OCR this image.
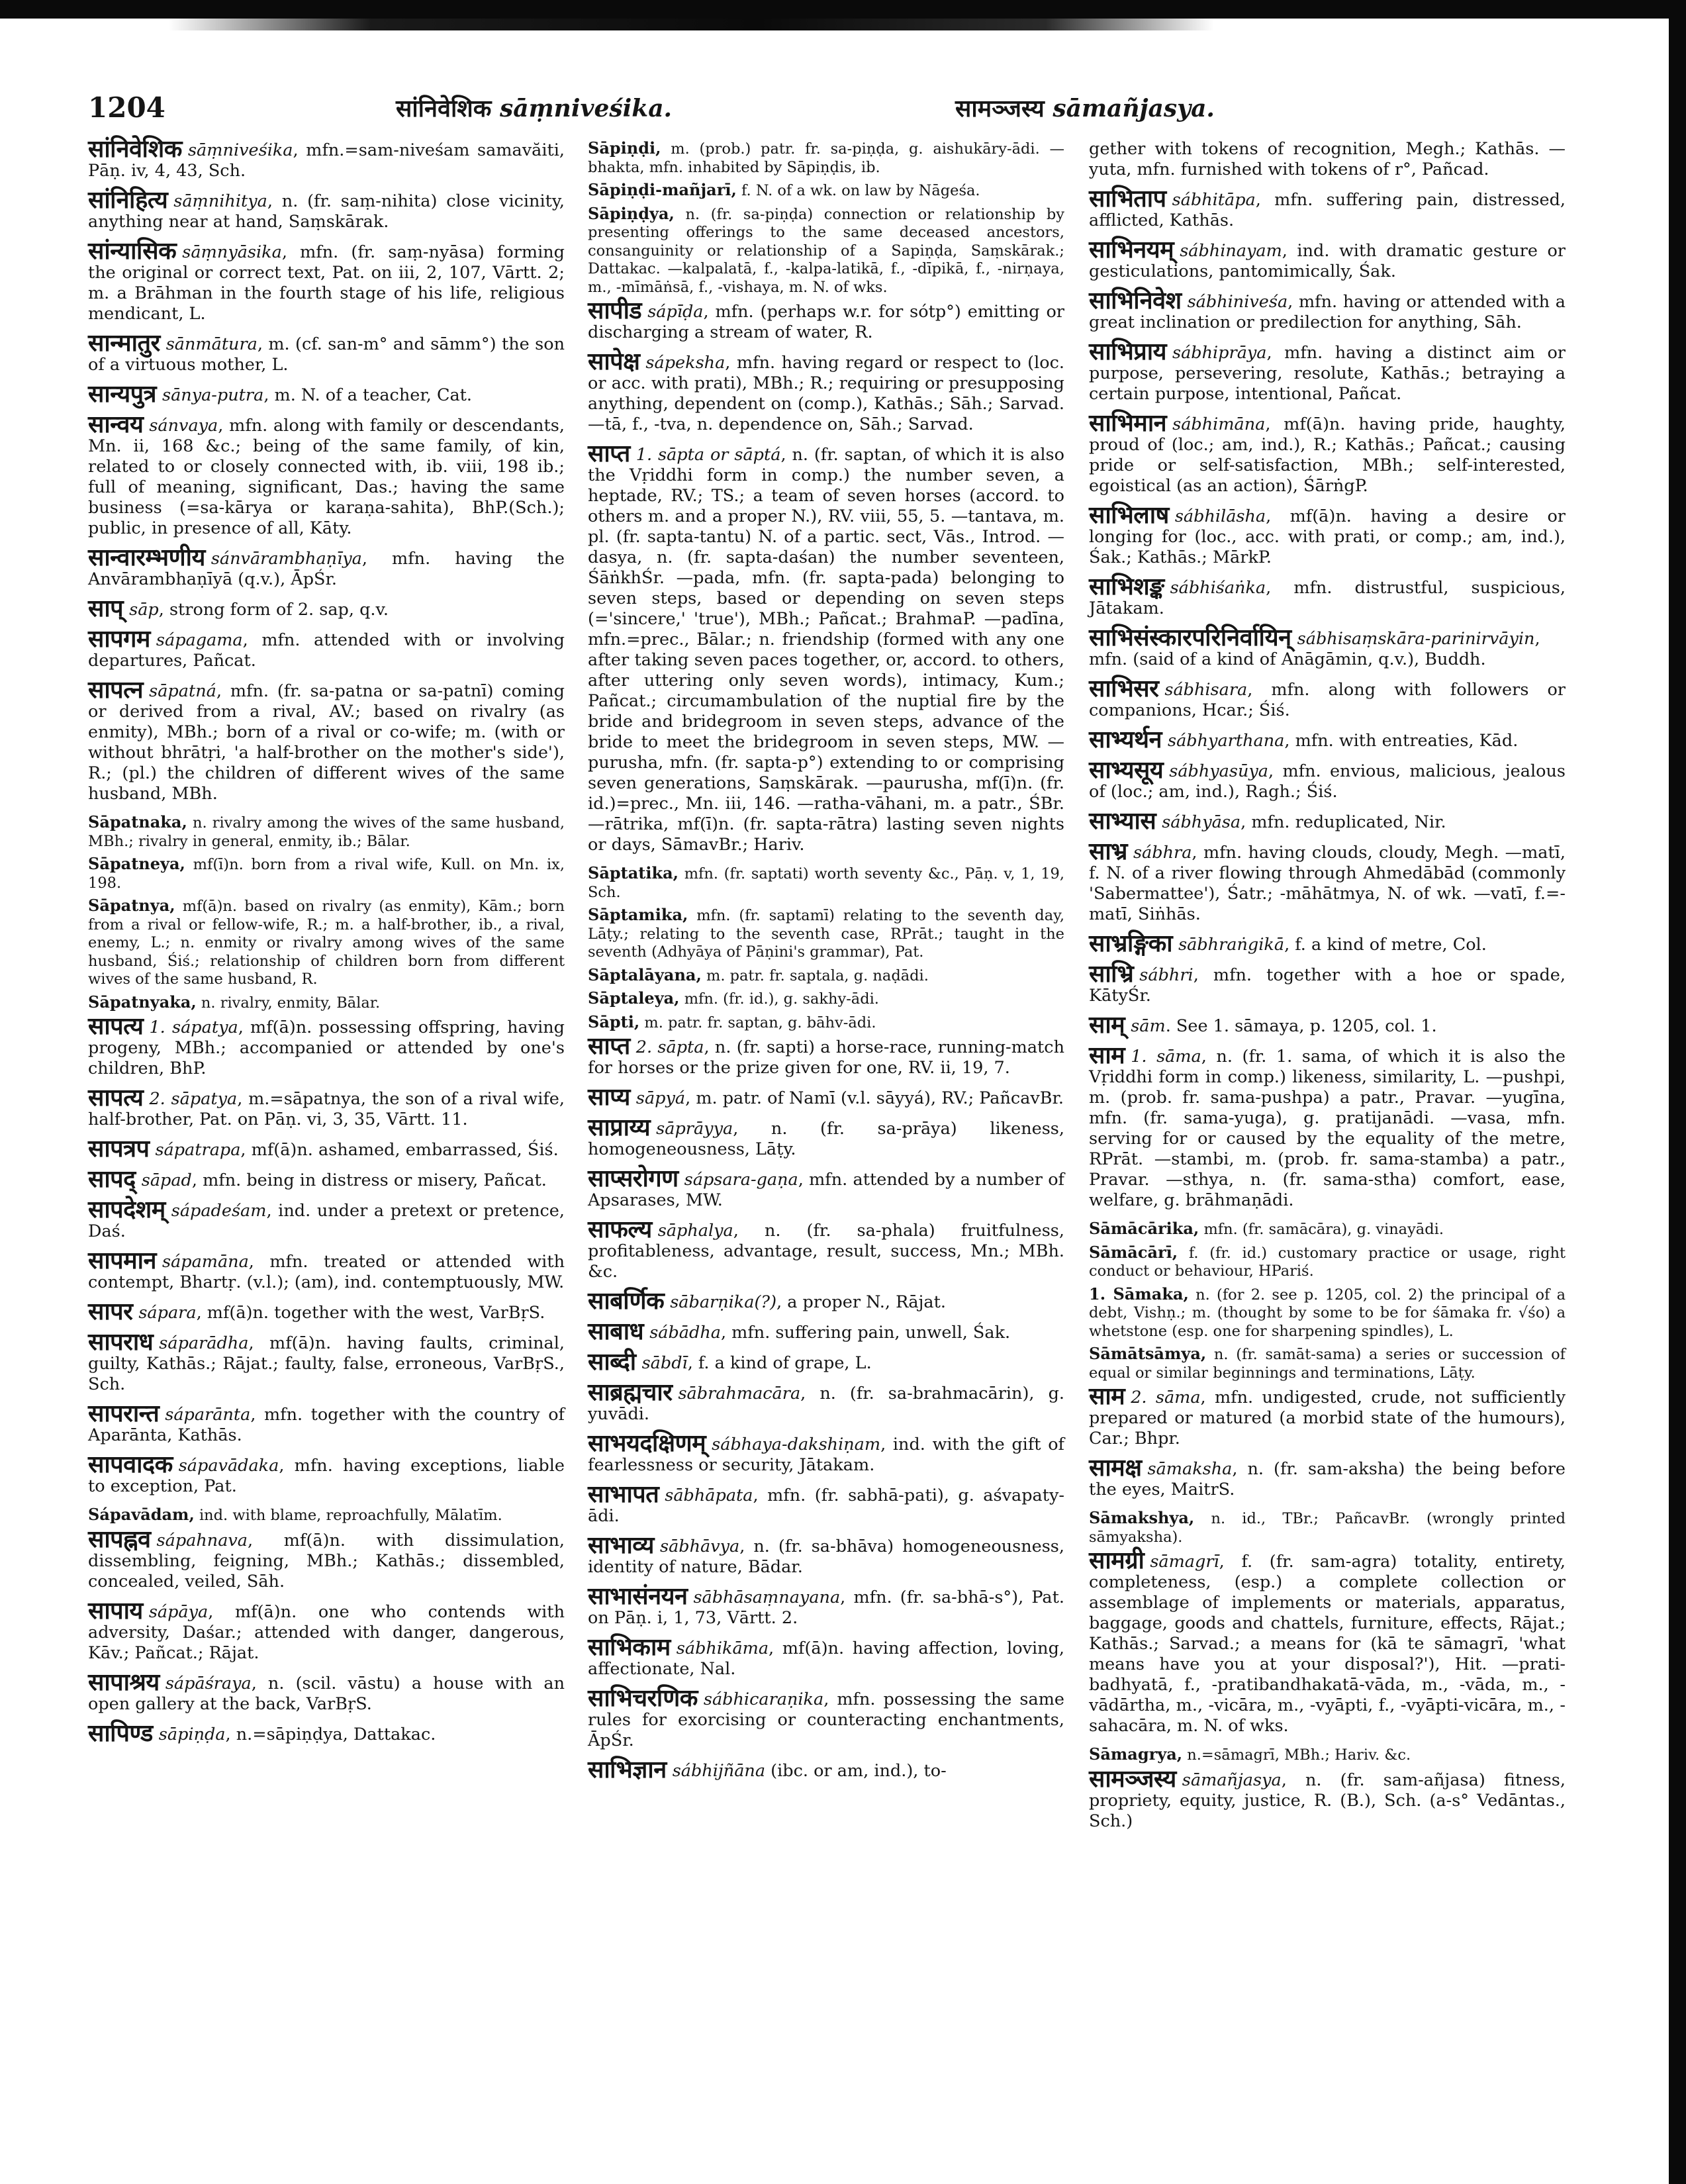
1204	सांनिवेशिक sāṃniveśika.	सामञ्जस्य sāmañjasya.

सांनिवेशिक sāṃniveśika, mfn.=sam-niveśam samavăiti, Pāṇ. iv, 4, 43, Sch.

सांनिहित्य sāṃnihitya, n. (fr. saṃ-nihita) close vicinity, anything near at hand, Saṃskārak.

सांन्यासिक sāṃnyāsika, mfn. (fr. saṃ-nyāsa) forming the original or correct text, Pat. on iii, 2, 107, Vārtt. 2; m. a Brāhman in the fourth stage of his life, religious mendicant, L.

सान्मातुर sānmātura, m. (cf. san-m° and sāmm°) the son of a virtuous mother, L.

सान्यपुत्र sānya-putra, m. N. of a teacher, Cat.

सान्वय sánvaya, mfn. along with family or descendants, Mn. ii, 168 &c.; being of the same family, of kin, related to or closely connected with, ib. viii, 198 ib.; full of meaning, significant, Das.; having the same business (=sa-kārya or karaṇa-sahita), BhP.(Sch.); public, in presence of all, Kāty.

सान्वारम्भणीय sánvārambhaṇīya, mfn. having the Anvārambhaṇīyā (q.v.), ĀpŚr.

साप् sāp, strong form of 2. sap, q.v.

सापगम sápagama, mfn. attended with or involving departures, Pañcat.

सापत्न sāpatná, mfn. (fr. sa-patna or sa-patnī) coming or derived from a rival, AV.; based on rivalry (as enmity), MBh.; born of a rival or co-wife; m. (with or without bhrātṛi, 'a half-brother on the mother's side'), R.; (pl.) the children of different wives of the same husband, MBh.

Sāpatnaka, n. rivalry among the wives of the same husband, MBh.; rivalry in general, enmity, ib.; Bālar.

Sāpatneya, mf(ī)n. born from a rival wife, Kull. on Mn. ix, 198.

Sāpatnya, mf(ā)n. based on rivalry (as enmity), Kām.; born from a rival or fellow-wife, R.; m. a half-brother, ib., a rival, enemy, L.; n. enmity or rivalry among wives of the same husband, Śiś.; relationship of children born from different wives of the same husband, R.

Sāpatnyaka, n. rivalry, enmity, Bālar.

सापत्य 1. sápatya, mf(ā)n. possessing offspring, having progeny, MBh.; accompanied or attended by one's children, BhP.

सापत्य 2. sāpatya, m.=sāpatnya, the son of a rival wife, half-brother, Pat. on Pāṇ. vi, 3, 35, Vārtt. 11.

सापत्रप sápatrapa, mf(ā)n. ashamed, embarrassed, Śiś.

सापद् sāpad, mfn. being in distress or misery, Pañcat.

सापदेशम् sápadeśam, ind. under a pretext or pretence, Daś.

सापमान sápamāna, mfn. treated or attended with contempt, Bhartṛ. (v.l.); (am), ind. contemptuously, MW.

सापर sápara, mf(ā)n. together with the west, VarBṛS.

सापराध sáparādha, mf(ā)n. having faults, criminal, guilty, Kathās.; Rājat.; faulty, false, erroneous, VarBṛS., Sch.

सापरान्त sáparānta, mfn. together with the country of Aparānta, Kathās.

सापवादक sápavādaka, mfn. having exceptions, liable to exception, Pat.

Sápavādam, ind. with blame, reproachfully, Mālatīm.

सापह्नव sápahnava, mf(ā)n. with dissimulation, dissembling, feigning, MBh.; Kathās.; dissembled, concealed, veiled, Sāh.

सापाय sápāya, mf(ā)n. one who contends with adversity, Daśar.; attended with danger, dangerous, Kāv.; Pañcat.; Rājat.

सापाश्रय sápāśraya, n. (scil. vāstu) a house with an open gallery at the back, VarBṛS.

सापिण्ड sāpiṇḍa, n.=sāpiṇḍya, Dattakac.

Sāpiṇḍi, m. (prob.) patr. fr. sa-piṇḍa, g. aishukāry-ādi. —bhakta, mfn. inhabited by Sāpiṇḍis, ib.

Sāpiṇḍi-mañjarī, f. N. of a wk. on law by Nāgeśa.

Sāpiṇḍya, n. (fr. sa-piṇḍa) connection or relationship by presenting offerings to the same deceased ancestors, consanguinity or relationship of a Sapiṇḍa, Saṃskārak.; Dattakac. —kalpalatā, f., -kalpa-latikā, f., -dīpikā, f., -nirṇaya, m., -mīmāṅsā, f., -vishaya, m. N. of wks.

सापीड sápīḍa, mfn. (perhaps w.r. for sótp°) emitting or discharging a stream of water, R.

सापेक्ष sápeksha, mfn. having regard or respect to (loc. or acc. with prati), MBh.; R.; requiring or presupposing anything, dependent on (comp.), Kathās.; Sāh.; Sarvad. —tā, f., -tva, n. dependence on, Sāh.; Sarvad.

साप्त 1. sāpta or sāptá, n. (fr. saptan, of which it is also the Vṛiddhi form in comp.) the number seven, a heptade, RV.; TS.; a team of seven horses (accord. to others m. and a proper N.), RV. viii, 55, 5. —tantava, m. pl. (fr. sapta-tantu) N. of a partic. sect, Vās., Introd. —dasya, n. (fr. sapta-daśan) the number seventeen, ŚāṅkhŚr. —pada, mfn. (fr. sapta-pada) belonging to seven steps, based or depending on seven steps (='sincere,' 'true'), MBh.; Pañcat.; BrahmaP. —padīna, mfn.=prec., Bālar.; n. friendship (formed with any one after taking seven paces together, or, accord. to others, after uttering only seven words), intimacy, Kum.; Pañcat.; circumambulation of the nuptial fire by the bride and bridegroom in seven steps, advance of the bride to meet the bridegroom in seven steps, MW. —purusha, mfn. (fr. sapta-p°) extending to or comprising seven generations, Saṃskārak. —paurusha, mf(ī)n. (fr. id.)=prec., Mn. iii, 146. —ratha-vāhani, m. a patr., ŚBr. —rātrika, mf(ī)n. (fr. sapta-rātra) lasting seven nights or days, SāmavBr.; Hariv.

Sāptatika, mfn. (fr. saptati) worth seventy &c., Pāṇ. v, 1, 19, Sch.

Sāptamika, mfn. (fr. saptamī) relating to the seventh day, Lāṭy.; relating to the seventh case, RPrāt.; taught in the seventh (Adhyāya of Pāṇini's grammar), Pat.

Sāptalāyana, m. patr. fr. saptala, g. naḍādi.

Sāptaleya, mfn. (fr. id.), g. sakhy-ādi.

Sāpti, m. patr. fr. saptan, g. bāhv-ādi.

साप्त 2. sāpta, n. (fr. sapti) a horse-race, running-match for horses or the prize given for one, RV. ii, 19, 7.

साप्य sāpyá, m. patr. of Namī (v.l. sāyyá), RV.; PañcavBr.

साप्राय्य sāprāyya, n. (fr. sa-prāya) likeness, homogeneousness, Lāṭy.

साप्सरोगण sápsara-gaṇa, mfn. attended by a number of Apsarases, MW.

साफल्य sāphalya, n. (fr. sa-phala) fruitfulness, profitableness, advantage, result, success, Mn.; MBh. &c.

साबर्णिक sābarṇika(?), a proper N., Rājat.

साबाध sábādha, mfn. suffering pain, unwell, Śak.

साब्दी sābdī, f. a kind of grape, L.

साब्रह्मचार sābrahmacāra, n. (fr. sa-brahmacārin), g. yuvādi.

साभयदक्षिणम् sábhaya-dakshiṇam, ind. with the gift of fearlessness or security, Jātakam.

साभापत sābhāpata, mfn. (fr. sabhā-pati), g. aśvapaty-ādi.

साभाव्य sābhāvya, n. (fr. sa-bhāva) homogeneousness, identity of nature, Bādar.

साभासंनयन sābhāsaṃnayana, mfn. (fr. sa-bhā-s°), Pat. on Pāṇ. i, 1, 73, Vārtt. 2.

साभिकाम sábhikāma, mf(ā)n. having affection, loving, affectionate, Nal.

साभिचरणिक sábhicaraṇika, mfn. possessing the same rules for exorcising or counteracting enchantments, ĀpŚr.

साभिज्ञान sábhijñāna (ibc. or am, ind.), to-

gether with tokens of recognition, Megh.; Kathās. —yuta, mfn. furnished with tokens of r°, Pañcad.

साभिताप sábhitāpa, mfn. suffering pain, distressed, afflicted, Kathās.

साभिनयम् sábhinayam, ind. with dramatic gesture or gesticulations, pantomimically, Śak.

साभिनिवेश sábhiniveśa, mfn. having or attended with a great inclination or predilection for anything, Sāh.

साभिप्राय sábhiprāya, mfn. having a distinct aim or purpose, persevering, resolute, Kathās.; betraying a certain purpose, intentional, Pañcat.

साभिमान sábhimāna, mf(ā)n. having pride, haughty, proud of (loc.; am, ind.), R.; Kathās.; Pañcat.; causing pride or self-satisfaction, MBh.; self-interested, egoistical (as an action), ŚārṅgP.

साभिलाष sábhilāsha, mf(ā)n. having a desire or longing for (loc., acc. with prati, or comp.; am, ind.), Śak.; Kathās.; MārkP.

साभिशङ्क sábhiśaṅka, mfn. distrustful, suspicious, Jātakam.

साभिसंस्कारपरिनिर्वायिन् sábhisaṃskāra-parinirvāyin, mfn. (said of a kind of Anāgāmin, q.v.), Buddh.

साभिसर sábhisara, mfn. along with followers or companions, Hcar.; Śiś.

साभ्यर्थन sábhyarthana, mfn. with entreaties, Kād.

साभ्यसूय sábhyasūya, mfn. envious, malicious, jealous of (loc.; am, ind.), Ragh.; Śiś.

साभ्यास sábhyāsa, mfn. reduplicated, Nir.

साभ्र sábhra, mfn. having clouds, cloudy, Megh. —matī, f. N. of a river flowing through Ahmedābād (commonly 'Sabermattee'), Śatr.; -māhātmya, N. of wk. —vatī, f.=-matī, Siṅhās.

साभ्रङ्गिका sābhraṅgikā, f. a kind of metre, Col.

साभ्रि sábhri, mfn. together with a hoe or spade, KātyŚr.

साम् sām. See 1. sāmaya, p. 1205, col. 1.

साम 1. sāma, n. (fr. 1. sama, of which it is also the Vṛiddhi form in comp.) likeness, similarity, L. —pushpi, m. (prob. fr. sama-pushpa) a patr., Pravar. —yugīna, mfn. (fr. sama-yuga), g. pratijanādi. —vasa, mfn. serving for or caused by the equality of the metre, RPrāt. —stambi, m. (prob. fr. sama-stamba) a patr., Pravar. —sthya, n. (fr. sama-stha) comfort, ease, welfare, g. brāhmaṇādi.

Sāmācārika, mfn. (fr. samācāra), g. vinayādi.

Sāmācārī, f. (fr. id.) customary practice or usage, right conduct or behaviour, HPariś.

1. Sāmaka, n. (for 2. see p. 1205, col. 2) the principal of a debt, Vishṇ.; m. (thought by some to be for śāmaka fr. √śo) a whetstone (esp. one for sharpening spindles), L.

Sāmātsāmya, n. (fr. samāt-sama) a series or succession of equal or similar beginnings and terminations, Lāṭy.

साम 2. sāma, mfn. undigested, crude, not sufficiently prepared or matured (a morbid state of the humours), Car.; Bhpr.

सामक्ष sāmaksha, n. (fr. sam-aksha) the being before the eyes, MaitrS.

Sāmakshya, n. id., TBr.; PañcavBr. (wrongly printed sāmyaksha).

सामग्री sāmagrī, f. (fr. sam-agra) totality, entirety, completeness, (esp.) a complete collection or assemblage of implements or materials, apparatus, baggage, goods and chattels, furniture, effects, Rājat.; Kathās.; Sarvad.; a means for (kā te sāmagrī, 'what means have you at your disposal?'), Hit. —prati-badhyatā, f., -pratibandhakatā-vāda, m., -vāda, m., -vādārtha, m., -vicāra, m., -vyāpti, f., -vyāpti-vicāra, m., -sahacāra, m. N. of wks.

Sāmagrya, n.=sāmagrī, MBh.; Hariv. &c.

सामञ्जस्य sāmañjasya, n. (fr. sam-añjasa) fitness, propriety, equity, justice, R. (B.), Sch. (a-s° Vedāntas., Sch.)
